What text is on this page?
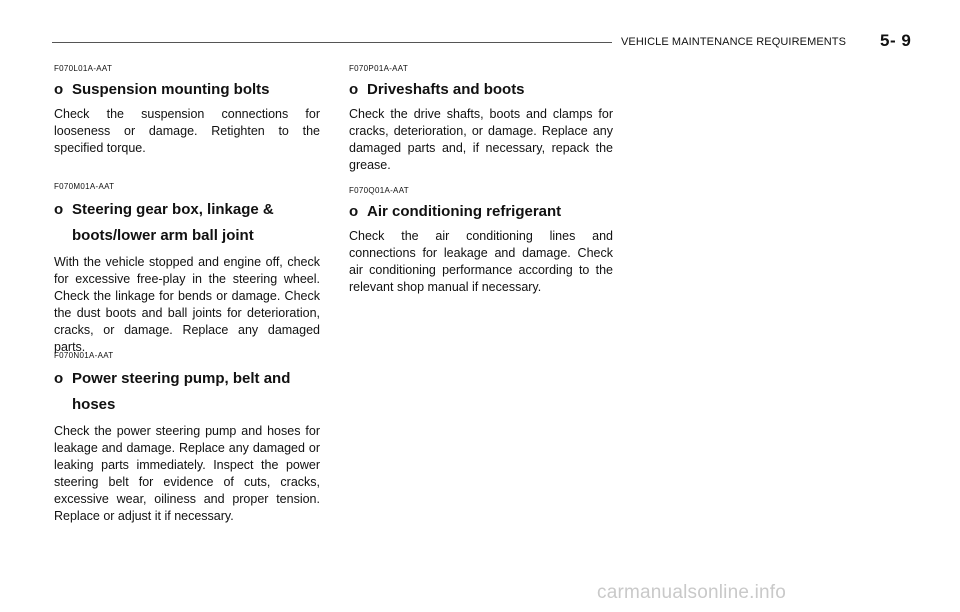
VEHICLE MAINTENANCE REQUIREMENTS 5- 9
F070L01A-AAT
o Suspension mounting bolts
Check the suspension connections for looseness or damage. Retighten to the specified torque.
F070M01A-AAT
o Steering gear box, linkage & boots/lower arm ball joint
With the vehicle stopped and engine off, check for excessive free-play in the steering wheel. Check the linkage for bends or damage. Check the dust boots and ball joints for deterioration, cracks, or damage. Replace any damaged parts.
F070N01A-AAT
o Power steering pump, belt and hoses
Check the power steering pump and hoses for leakage and damage. Replace any damaged or leaking parts immediately. Inspect the power steering belt for evidence of cuts, cracks, excessive wear, oiliness and proper tension. Replace or adjust it if necessary.
F070P01A-AAT
o Driveshafts and boots
Check the drive shafts, boots and clamps for cracks, deterioration, or damage. Replace any damaged parts and, if necessary, repack the grease.
F070Q01A-AAT
o Air conditioning refrigerant
Check the air conditioning lines and connections for leakage and damage. Check air conditioning performance according to the relevant shop manual if necessary.
carmanualsonline.info
